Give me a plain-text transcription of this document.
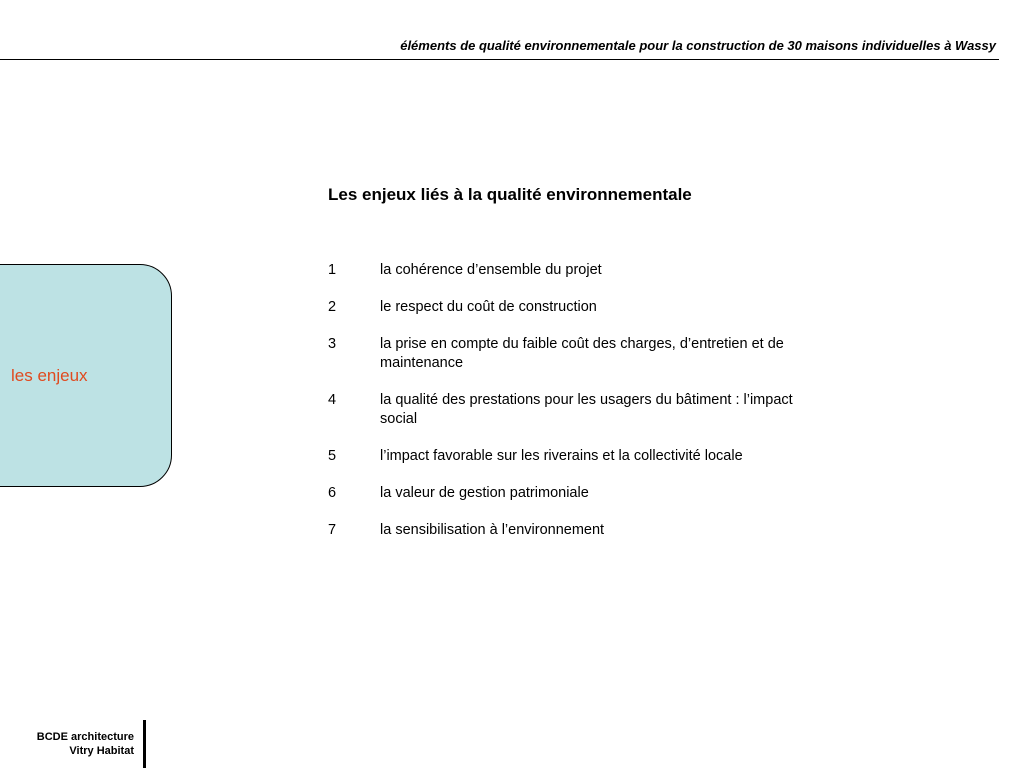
éléments de qualité environnementale pour la construction de 30 maisons individuelles à Wassy
les enjeux
Les enjeux liés à la qualité environnementale
1	la cohérence d’ensemble du projet
2	le respect du coût de construction
3	la prise en compte du faible coût des charges, d’entretien et de maintenance
4	la qualité des prestations pour les usagers du bâtiment : l’impact social
5	l’impact favorable sur les riverains et la collectivité locale
6	la valeur de gestion patrimoniale
7	la sensibilisation à l’environnement
BCDE architecture
Vitry Habitat
